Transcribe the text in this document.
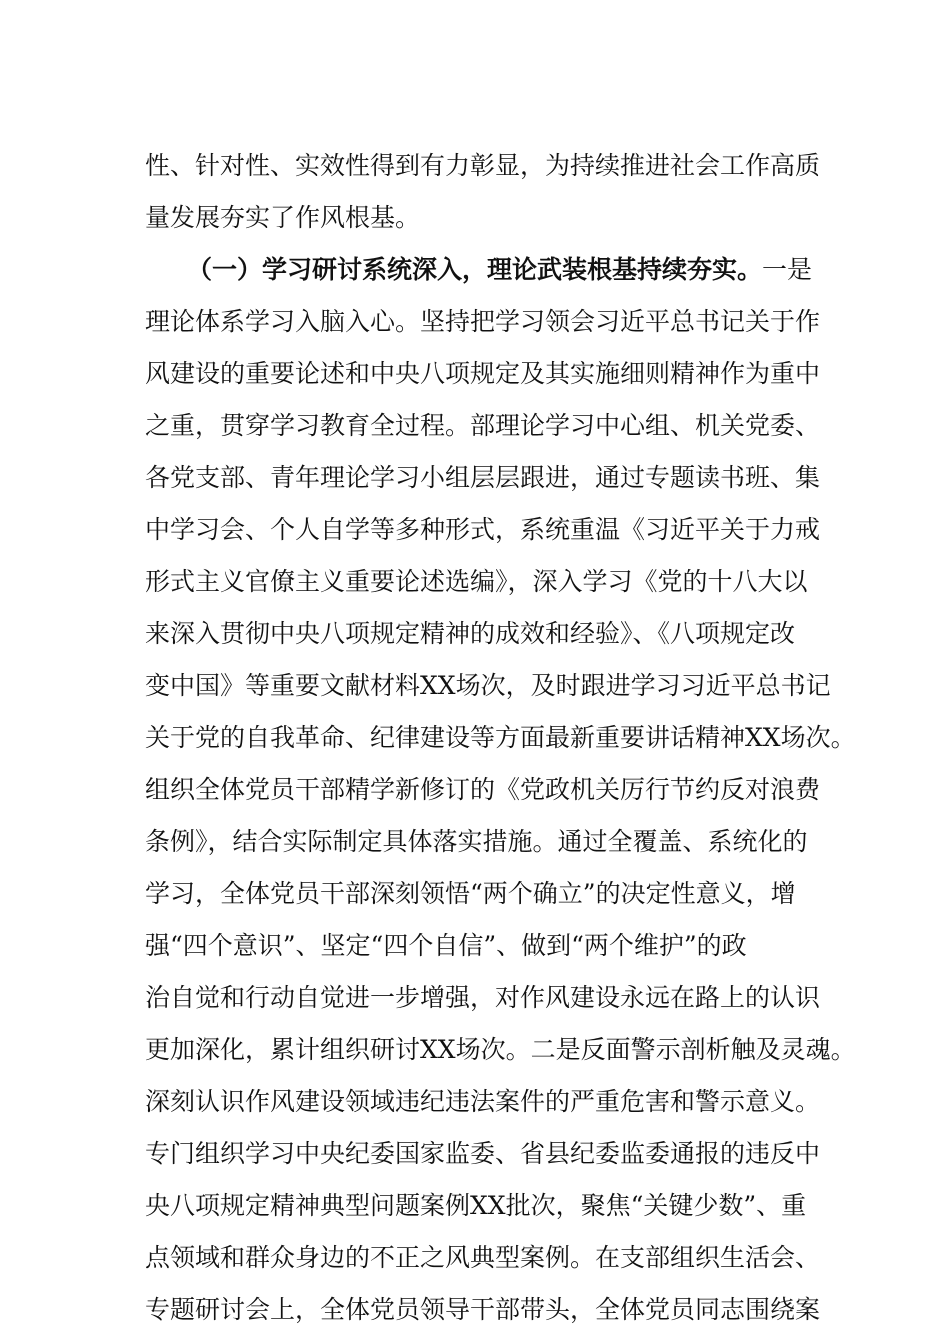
性、针对性、实效性得到有力彰显，为持续推进社会工作高质
量发展夯实了作风根基。
（一）学习研讨系统深入，理论武装根基持续夯实。一是
理论体系学习入脑入心。坚持把学习领会习近平总书记关于作
风建设的重要论述和中央八项规定及其实施细则精神作为重中
之重，贯穿学习教育全过程。部理论学习中心组、机关党委、
各党支部、青年理论学习小组层层跟进，通过专题读书班、集
中学习会、个人自学等多种形式，系统重温《习近平关于力戒
形式主义官僚主义重要论述选编》，深入学习《党的十八大以
来深入贯彻中央八项规定精神的成效和经验》、《八项规定改
变中国》等重要文献材料XX场次，及时跟进学习习近平总书记
关于党的自我革命、纪律建设等方面最新重要讲话精神XX场次。
组织全体党员干部精学新修订的《党政机关厉行节约反对浪费
条例》，结合实际制定具体落实措施。通过全覆盖、系统化的
学习，全体党员干部深刻领悟“两个确立”的决定性意义，增
强“四个意识”、坚定“四个自信”、做到“两个维护”的政
治自觉和行动自觉进一步增强，对作风建设永远在路上的认识
更加深化，累计组织研讨XX场次。二是反面警示剖析触及灵魂。
深刻认识作风建设领域违纪违法案件的严重危害和警示意义。
专门组织学习中央纪委国家监委、省县纪委监委通报的违反中
央八项规定精神典型问题案例XX批次，聚焦“关键少数”、重
点领域和群众身边的不正之风典型案例。在支部组织生活会、
专题研讨会上，全体党员领导干部带头，全体党员同志围绕案
